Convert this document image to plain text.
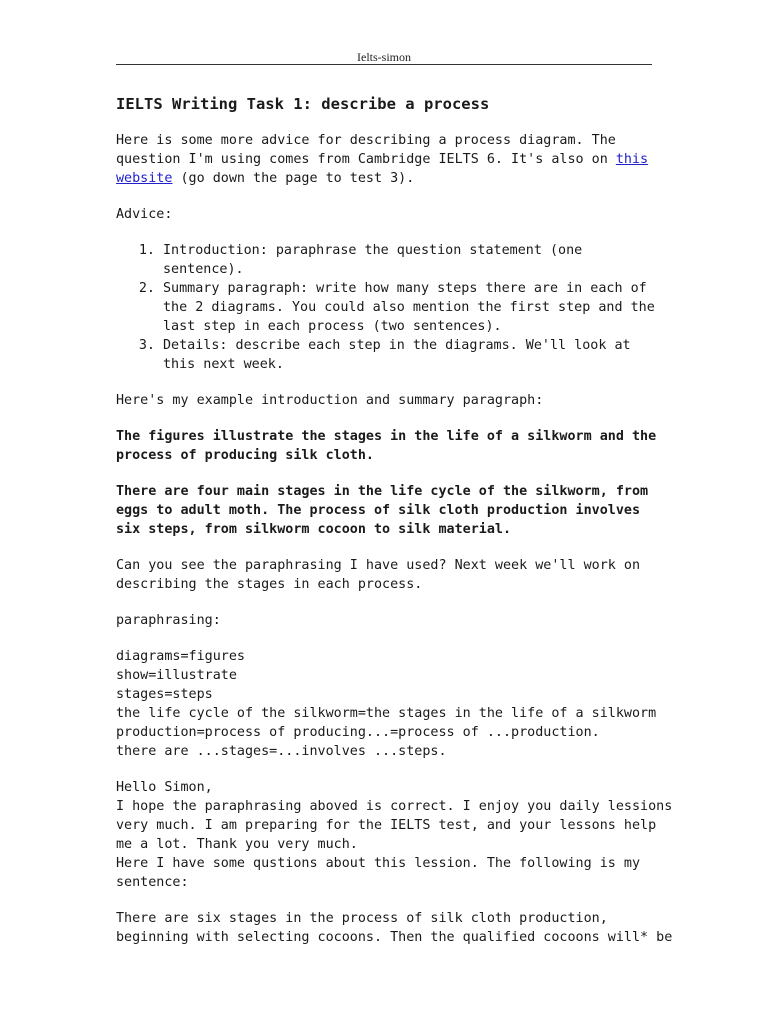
Ielts-simon
IELTS Writing Task 1: describe a process

Here is some more advice for describing a process diagram. The question I'm using comes from Cambridge IELTS 6. It's also on this website (go down the page to test 3).

Advice:

1. Introduction: paraphrase the question statement (one sentence).
2. Summary paragraph: write how many steps there are in each of the 2 diagrams. You could also mention the first step and the last step in each process (two sentences).
3. Details: describe each step in the diagrams. We'll look at this next week.

Here's my example introduction and summary paragraph:

The figures illustrate the stages in the life of a silkworm and the process of producing silk cloth.

There are four main stages in the life cycle of the silkworm, from eggs to adult moth. The process of silk cloth production involves six steps, from silkworm cocoon to silk material.

Can you see the paraphrasing I have used? Next week we'll work on describing the stages in each process.

paraphrasing:

diagrams=figures
show=illustrate
stages=steps
the life cycle of the silkworm=the stages in the life of a silkworm
production=process of producing...=process of ...production.
there are ...stages=...involves ...steps.

Hello Simon,
I hope the paraphrasing aboved is correct. I enjoy you daily lessions
very much. I am preparing for the IELTS test, and your lessons help
me a lot. Thank you very much.
Here I have some qustions about this lession. The following is my
sentence:
There are six stages in the process of silk cloth production,
beginning with selecting cocoons. Then the qualified cocoons will* be
